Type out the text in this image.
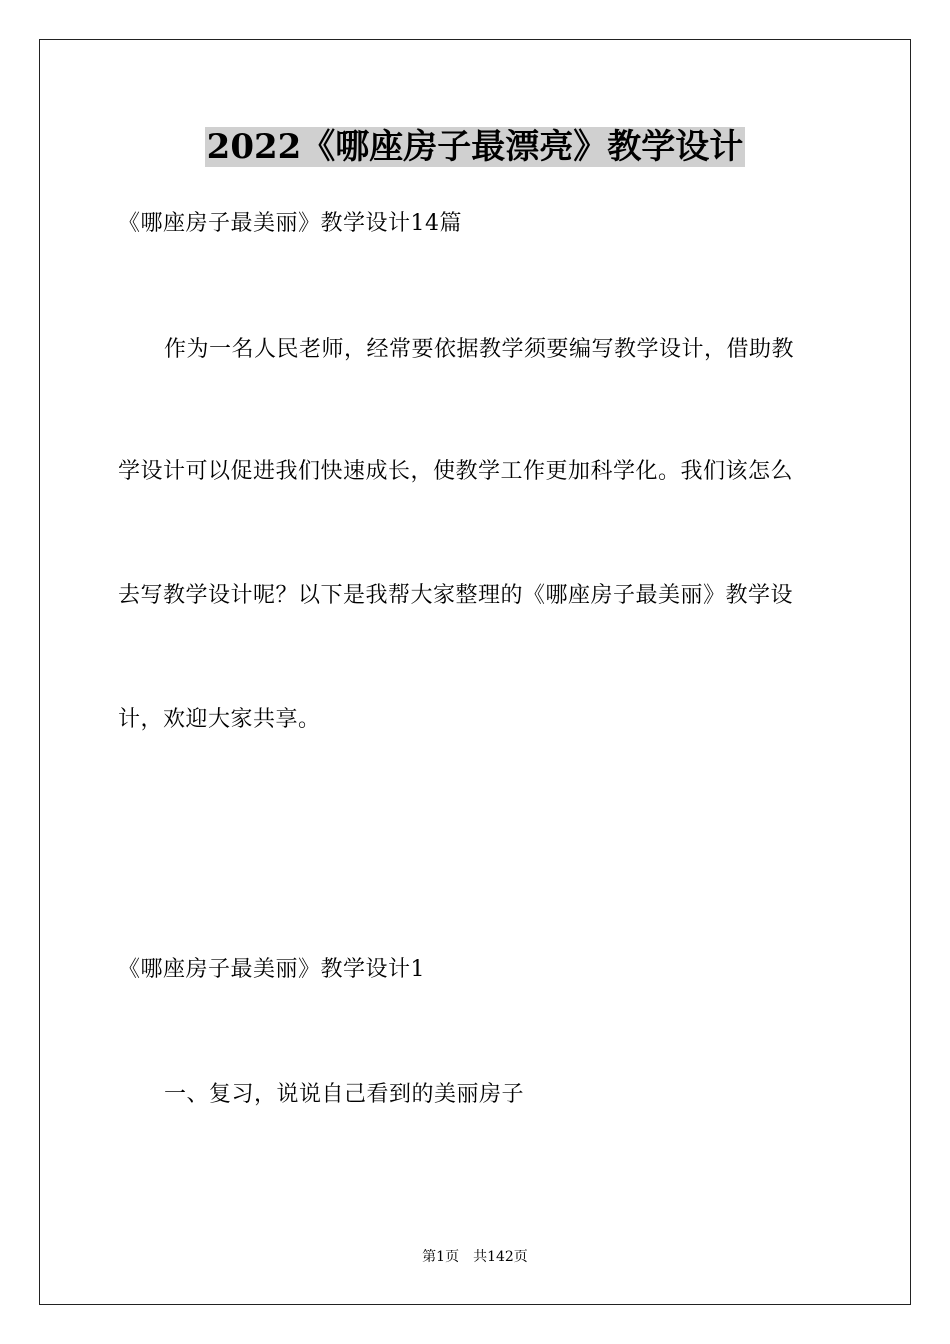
2022《哪座房子最漂亮》教学设计
《哪座房子最美丽》教学设计14篇
作为一名人民老师，经常要依据教学须要编写教学设计，借助教
学设计可以促进我们快速成长，使教学工作更加科学化。我们该怎么
去写教学设计呢？以下是我帮大家整理的《哪座房子最美丽》教学设
计，欢迎大家共享。
《哪座房子最美丽》教学设计1
一、复习，说说自己看到的美丽房子
第1页　共142页
